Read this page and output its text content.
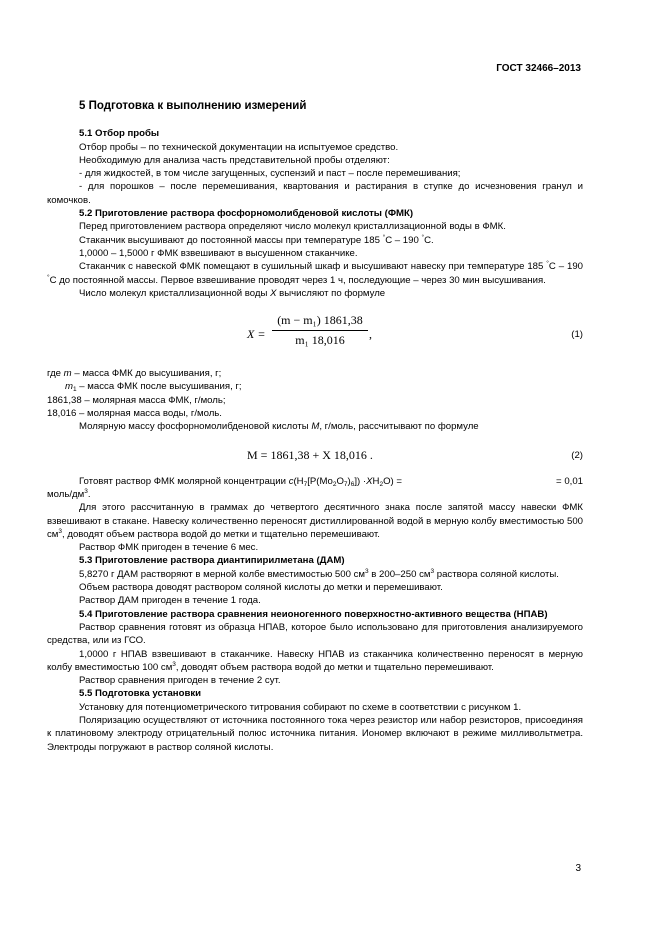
ГОСТ 32466–2013
5 Подготовка к выполнению измерений

5.1 Отбор пробы

Отбор пробы – по технической документации на испытуемое средство.

Необходимую для анализа часть представительной пробы отделяют:

- для жидкостей, в том числе загущенных, суспензий и паст – после перемешивания;

- для порошков – после перемешивания, квартования и растирания в ступке до исчезновения гранул и комочков.

5.2 Приготовление раствора фосфорномолибденовой кислоты (ФМК)

Перед приготовлением раствора определяют число молекул кристаллизационной воды в ФМК.

Стаканчик высушивают до постоянной массы при температуре 185 °С – 190 °С.

1,0000 – 1,5000 г ФМК взвешивают в высушенном стаканчике.

Стаканчик с навеской ФМК помещают в сушильный шкаф и высушивают навеску при температуре 185 °С – 190 °С до постоянной массы. Первое взвешивание проводят через 1 ч, последующие – через 30 мин высушивания.

Число молекул кристаллизационной воды X вычисляют по формуле

$X = \frac{\text{(m − m₁) 1861,38}}{\text{m₁ 18,016}}$ ,	(1)

где m – масса ФМК до высушивания, г;

$m_1$ – масса ФМК после высушивания, г;

1861,38 – молярная масса ФМК, г/моль;

18,016 – молярная масса воды, г/моль.

Молярную массу фосфорномолибденовой кислоты M, г/моль, рассчитывают по формуле

M = 1861,38 + X 18,016 .	(2)
Готовят раствор ФМК молярной концентрации $c(H_7[P(Mo_2O_7)_6]) \cdot XH_2O$) =	= 0,01

моль/$дм^3$.

Для этого рассчитанную в граммах до четвертого десятичного знака после запятой массу навески ФМК взвешивают в стакане. Навеску количественно переносят дистиллированной водой в мерную колбу вместимостью 500 $см^3$, доводят объем раствора водой до метки и тщательно перемешивают.

Раствор ФМК пригоден в течение 6 мес.

5.3 Приготовление раствора диантипирилметана (ДАМ)

5,8270 г ДАМ растворяют в мерной колбе вместимостью 500 $см^3$ в 200–250 $см^3$ раствора соляной кислоты.

Объем раствора доводят раствором соляной кислоты до метки и перемешивают.

Раствор ДАМ пригоден в течение 1 года.

5.4 Приготовление раствора сравнения неионогенного поверхностно-активного вещества (НПАВ)

Раствор сравнения готовят из образца НПАВ, которое было использовано для приготовления анализируемого средства, или из ГСО.

1,0000 г НПАВ взвешивают в стаканчике. Навеску НПАВ из стаканчика количественно переносят в мерную колбу вместимостью 100 $см^3$, доводят объем раствора водой до метки и тщательно перемешивают.

Раствор сравнения пригоден в течение 2 сут.

5.5 Подготовка установки

Установку для потенциометрического титрования собирают по схеме в соответствии с рисунком 1.

Поляризацию осуществляют от источника постоянного тока через резистор или набор резисторов, присоединяя к платиновому электроду отрицательный полюс источника питания. Иономер включают в режиме милливольтметра. Электроды погружают в раствор соляной кислоты.

3
